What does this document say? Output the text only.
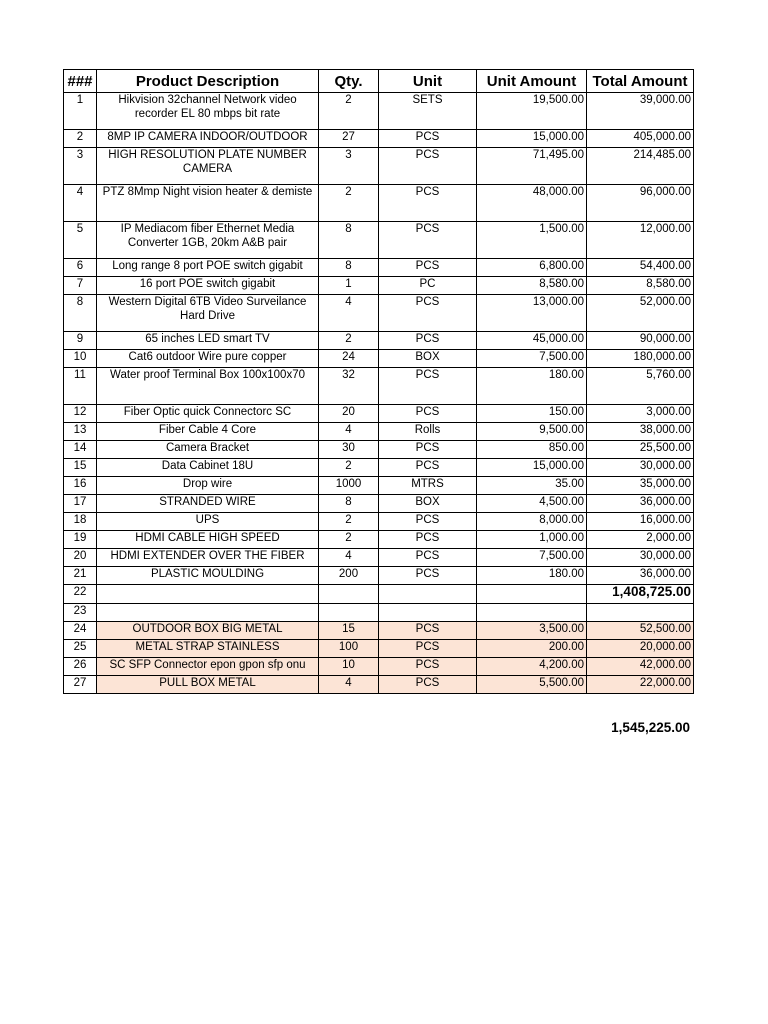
###	Product Description	Qty.	Unit	Unit Amount	Total Amount
1	Hikvision 32channel Network video recorder EL 80 mbps bit rate	2	SETS	19,500.00	39,000.00
2	8MP IP CAMERA INDOOR/OUTDOOR	27	PCS	15,000.00	405,000.00
3	HIGH RESOLUTION PLATE NUMBER CAMERA	3	PCS	71,495.00	214,485.00
4	PTZ 8Mmp Night vision heater & demiste	2	PCS	48,000.00	96,000.00
5	IP Mediacom fiber Ethernet Media Converter 1GB, 20km A&B pair	8	PCS	1,500.00	12,000.00
6	Long range 8 port POE switch gigabit	8	PCS	6,800.00	54,400.00
7	16 port POE switch gigabit	1	PC	8,580.00	8,580.00
8	Western Digital 6TB Video Surveilance Hard Drive	4	PCS	13,000.00	52,000.00
9	65 inches LED smart TV	2	PCS	45,000.00	90,000.00
10	Cat6 outdoor Wire pure copper	24	BOX	7,500.00	180,000.00
11	Water proof Terminal Box 100x100x70	32	PCS	180.00	5,760.00
12	Fiber Optic quick Connectorc SC	20	PCS	150.00	3,000.00
13	Fiber Cable 4 Core	4	Rolls	9,500.00	38,000.00
14	Camera Bracket	30	PCS	850.00	25,500.00
15	Data Cabinet 18U	2	PCS	15,000.00	30,000.00
16	Drop wire	1000	MTRS	35.00	35,000.00
17	STRANDED WIRE	8	BOX	4,500.00	36,000.00
18	UPS	2	PCS	8,000.00	16,000.00
19	HDMI CABLE HIGH SPEED	2	PCS	1,000.00	2,000.00
20	HDMI EXTENDER OVER THE FIBER	4	PCS	7,500.00	30,000.00
21	PLASTIC MOULDING	200	PCS	180.00	36,000.00
22					1,408,725.00
23					
24	OUTDOOR BOX BIG METAL	15	PCS	3,500.00	52,500.00
25	METAL STRAP STAINLESS	100	PCS	200.00	20,000.00
26	SC SFP Connector epon gpon sfp onu	10	PCS	4,200.00	42,000.00
27	PULL BOX METAL	4	PCS	5,500.00	22,000.00
1,545,225.00
